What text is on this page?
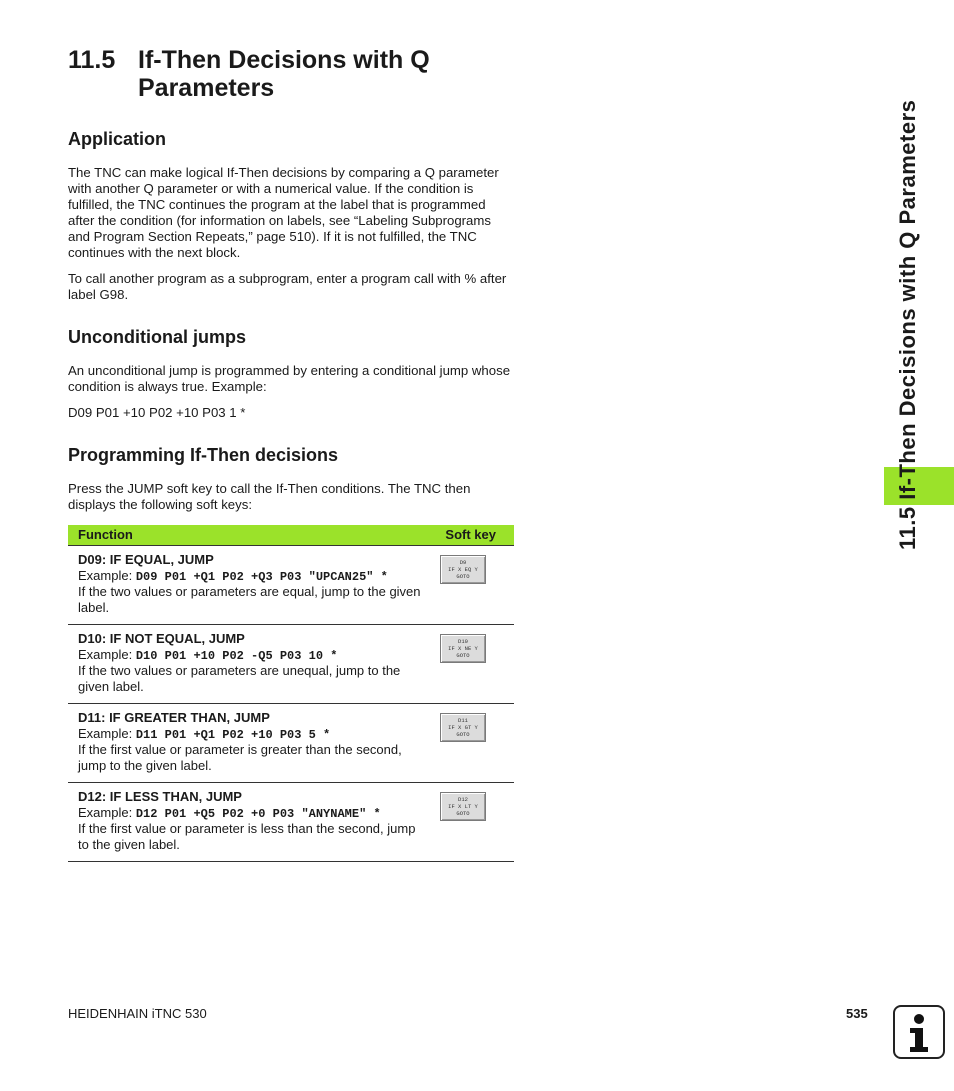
11.5 If-Then Decisions with Q Parameters
11.5 If-Then Decisions with Q Parameters
Application

The TNC can make logical If-Then decisions by comparing a Q parameter with another Q parameter or with a numerical value. If the condition is fulfilled, the TNC continues the program at the label that is programmed after the condition (for information on labels, see “Labeling Subprograms and Program Section Repeats,” page 510). If it is not fulfilled, the TNC continues with the next block.

To call another program as a subprogram, enter a program call with % after label G98.

Unconditional jumps

An unconditional jump is programmed by entering a conditional jump whose condition is always true. Example:

D09 P01 +10 P02 +10 P03 1 *

Programming If-Then decisions

Press the JUMP soft key to call the If-Then conditions. The TNC then displays the following soft keys:

Function	Soft key
D09: IF EQUAL, JUMP
Example: D09 P01 +Q1 P02 +Q3 P03 "UPCAN25" *
If the two values or parameters are equal, jump to the given label.
D9
IF X EQ Y
GOTO
D10: IF NOT EQUAL, JUMP
Example: D10 P01 +10 P02 -Q5 P03 10 *
If the two values or parameters are unequal, jump to the given label.
D10
IF X NE Y
GOTO
D11: IF GREATER THAN, JUMP
Example: D11 P01 +Q1 P02 +10 P03 5 *
If the first value or parameter is greater than the second, jump to the given label.
D11
IF X GT Y
GOTO
D12: IF LESS THAN, JUMP
Example: D12 P01 +Q5 P02 +0 P03 "ANYNAME" *
If the first value or parameter is less than the second, jump to the given label.
D12
IF X LT Y
GOTO
HEIDENHAIN iTNC 530	535
